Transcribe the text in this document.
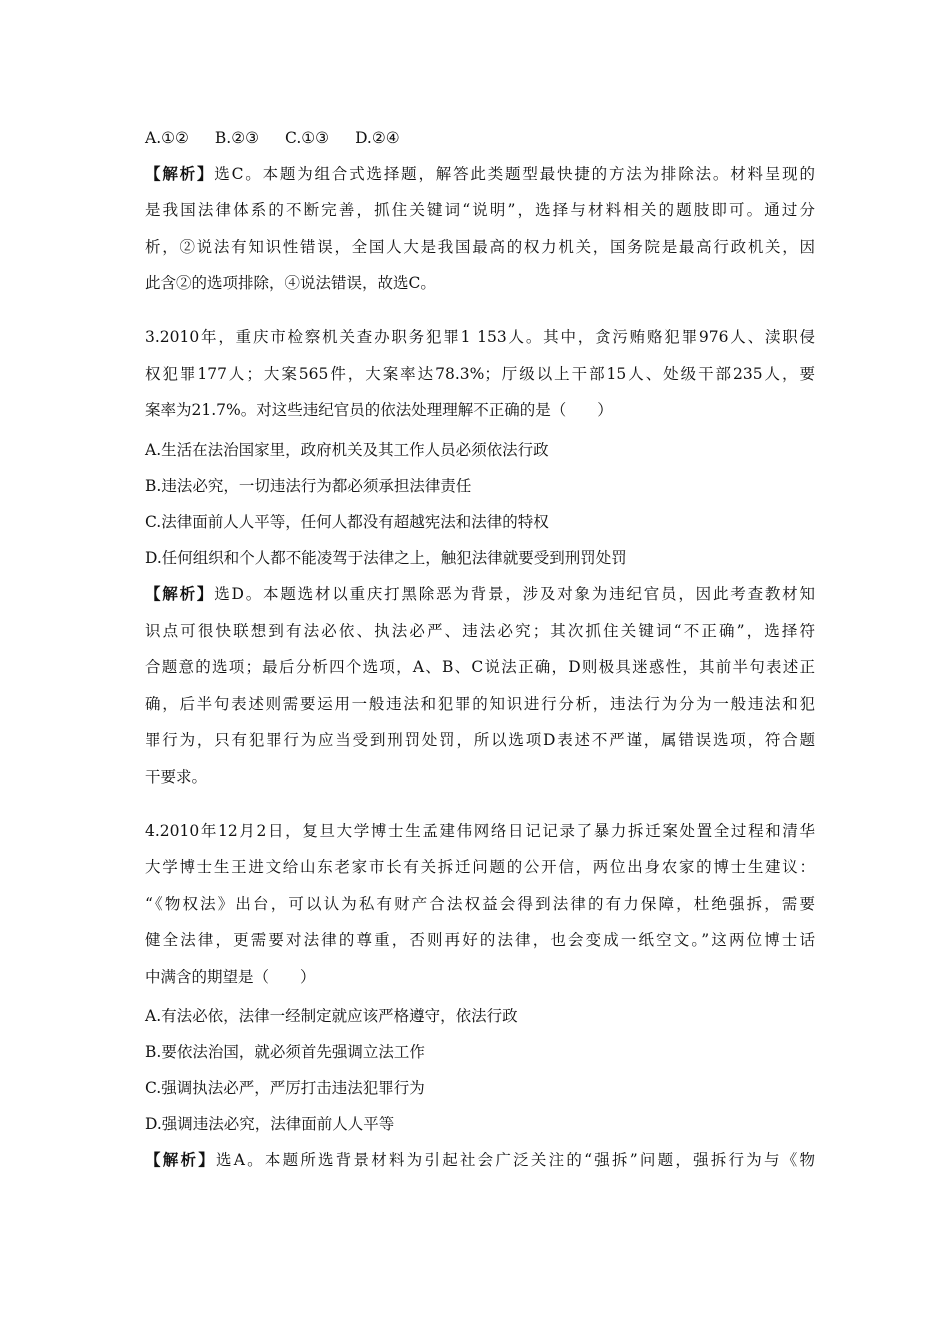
A.①② B.②③ C.①③ D.②④
【解析】选C。本题为组合式选择题，解答此类题型最快捷的方法为排除法。材料呈现的
是我国法律体系的不断完善，抓住关键词“说明”，选择与材料相关的题肢即可。通过分
析，②说法有知识性错误，全国人大是我国最高的权力机关，国务院是最高行政机关，因
此含②的选项排除，④说法错误，故选C。
3.2010年，重庆市检察机关查办职务犯罪1 153人。其中，贪污贿赂犯罪976人、渎职侵
权犯罪177人；大案565件，大案率达78.3%；厅级以上干部15人、处级干部235人，要
案率为21.7%。对这些违纪官员的依法处理理解不正确的是（　　）
A.生活在法治国家里，政府机关及其工作人员必须依法行政
B.违法必究，一切违法行为都必须承担法律责任
C.法律面前人人平等，任何人都没有超越宪法和法律的特权
D.任何组织和个人都不能凌驾于法律之上，触犯法律就要受到刑罚处罚
【解析】选D。本题选材以重庆打黑除恶为背景，涉及对象为违纪官员，因此考查教材知
识点可很快联想到有法必依、执法必严、违法必究；其次抓住关键词“不正确”，选择符
合题意的选项；最后分析四个选项，A、B、C说法正确，D则极具迷惑性，其前半句表述正
确，后半句表述则需要运用一般违法和犯罪的知识进行分析，违法行为分为一般违法和犯
罪行为，只有犯罪行为应当受到刑罚处罚，所以选项D表述不严谨，属错误选项，符合题
干要求。
4.2010年12月2日，复旦大学博士生孟建伟网络日记记录了暴力拆迁案处置全过程和清华
大学博士生王进文给山东老家市长有关拆迁问题的公开信，两位出身农家的博士生建议：
“《物权法》出台，可以认为私有财产合法权益会得到法律的有力保障，杜绝强拆，需要
健全法律，更需要对法律的尊重，否则再好的法律，也会变成一纸空文。”这两位博士话
中满含的期望是（　　）
A.有法必依，法律一经制定就应该严格遵守，依法行政
B.要依法治国，就必须首先强调立法工作
C.强调执法必严，严厉打击违法犯罪行为
D.强调违法必究，法律面前人人平等
【解析】选A。本题所选背景材料为引起社会广泛关注的“强拆”问题，强拆行为与《物
